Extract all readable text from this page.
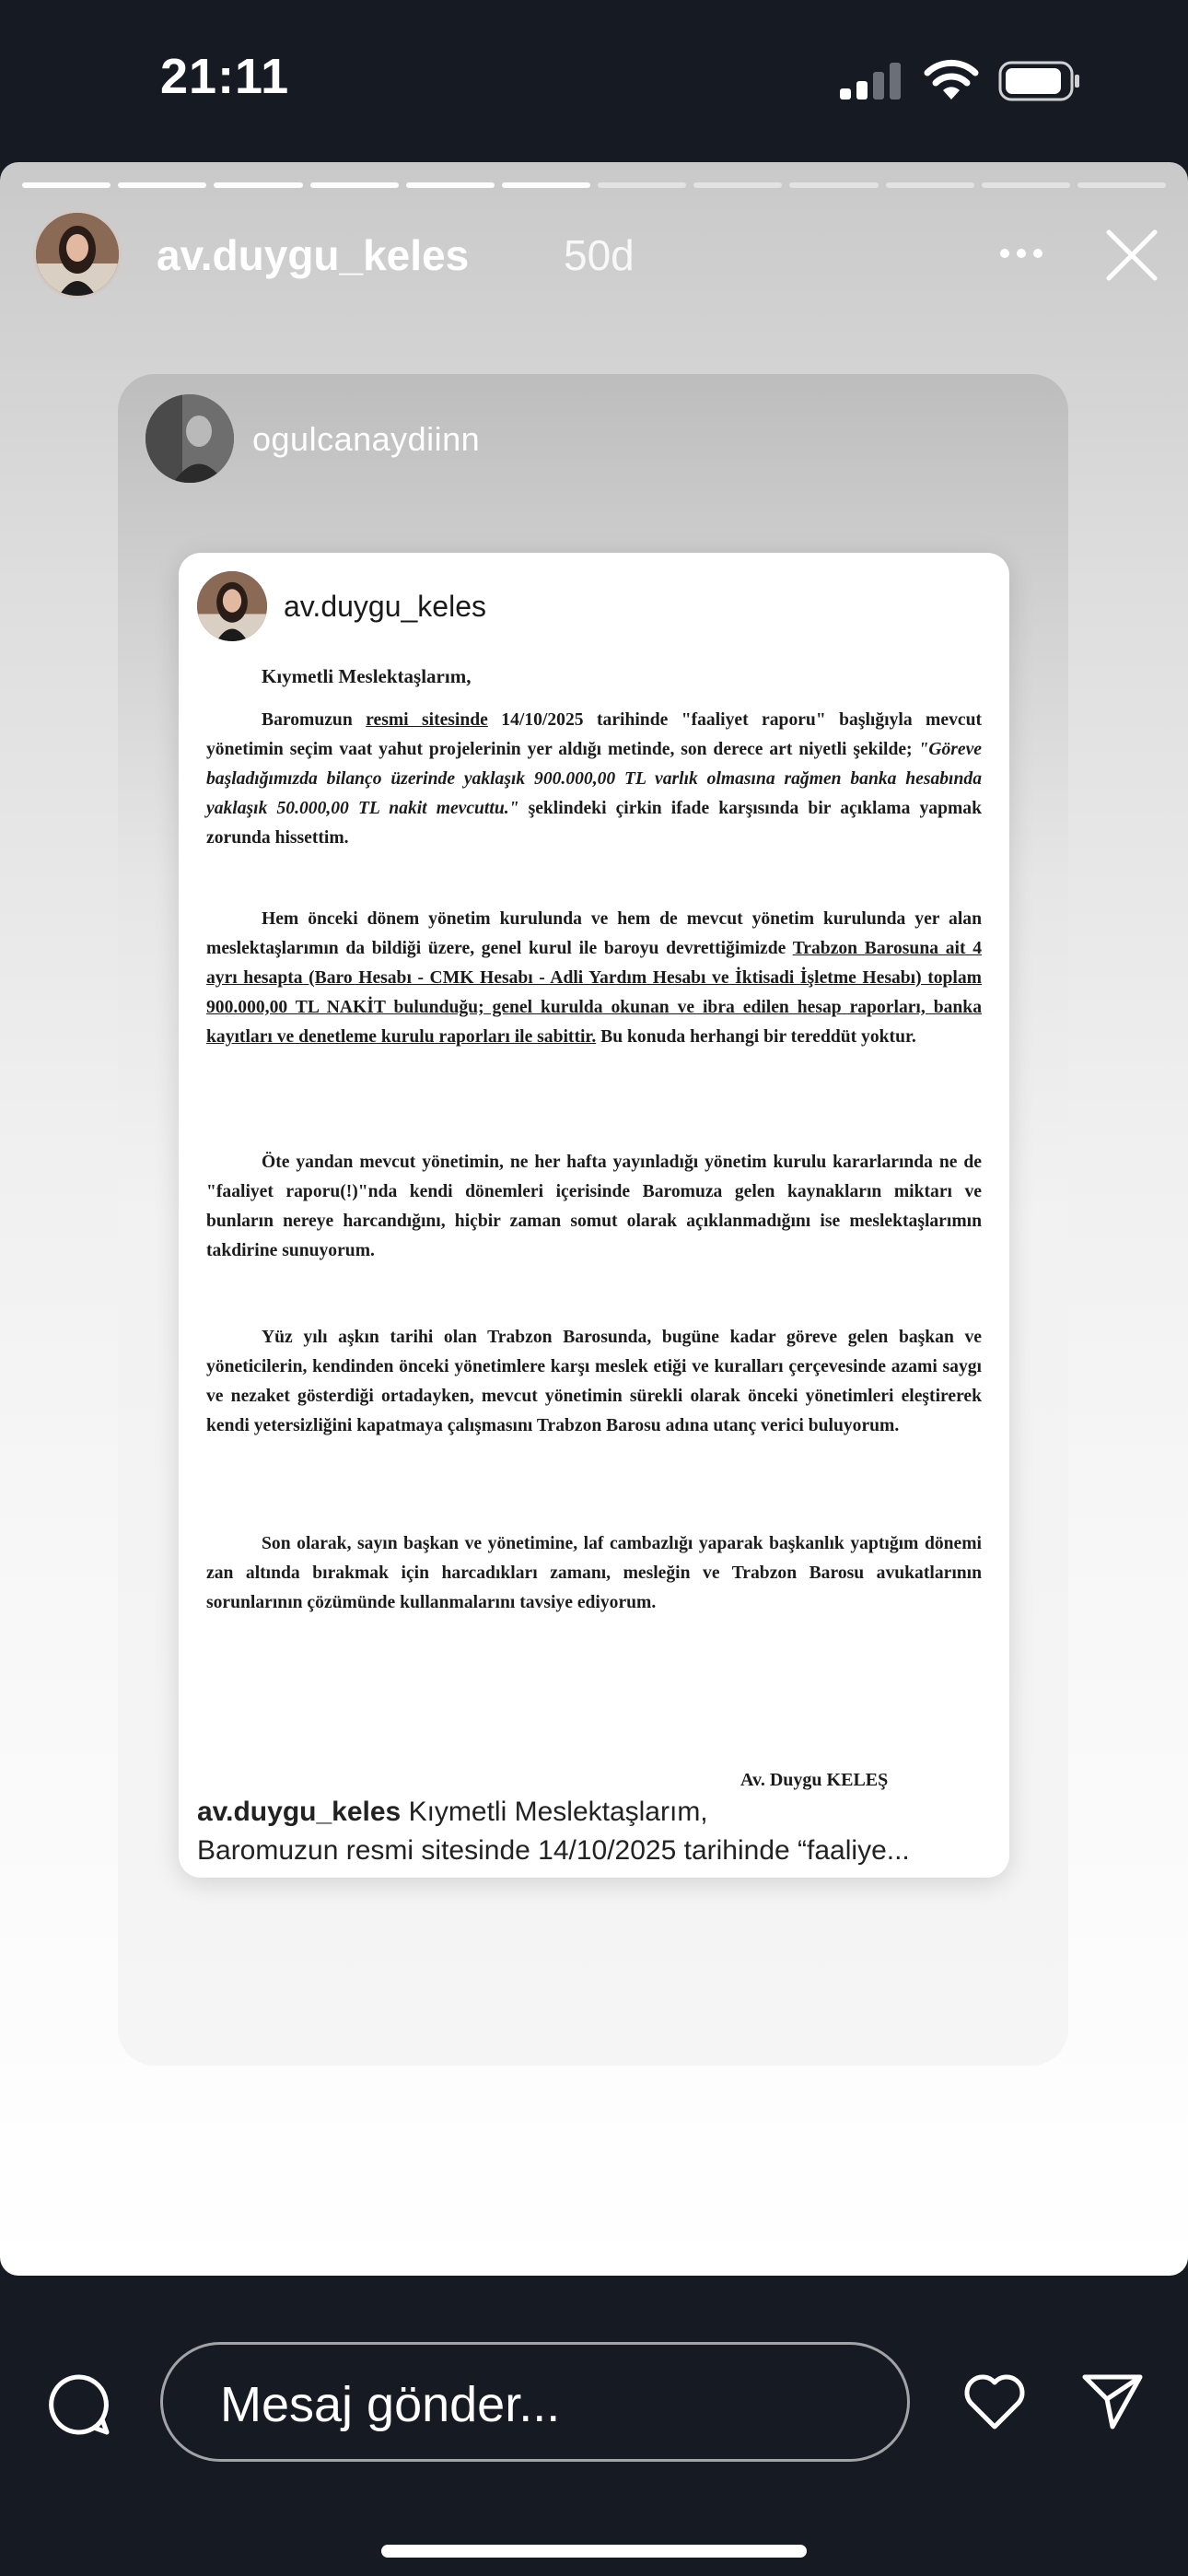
21:11
av.duygu_keles 50d
ogulcanaydiinn
av.duygu_keles
Kıymetli Meslektaşlarım,

Baromuzun resmi sitesinde 14/10/2025 tarihinde "faaliyet raporu" başlığıyla mevcut yönetimin seçim vaat yahut projelerinin yer aldığı metinde, son derece art niyetli şekilde; "Göreve başladığımızda bilanço üzerinde yaklaşık 900.000,00 TL varlık olmasına rağmen banka hesabında yaklaşık 50.000,00 TL nakit mevcuttu." şeklindeki çirkin ifade karşısında bir açıklama yapmak zorunda hissettim.

Hem önceki dönem yönetim kurulunda ve hem de mevcut yönetim kurulunda yer alan meslektaşlarımın da bildiği üzere, genel kurul ile baroyu devrettiğimizde Trabzon Barosuna ait 4 ayrı hesapta (Baro Hesabı - CMK Hesabı - Adli Yardım Hesabı ve İktisadi İşletme Hesabı) toplam 900.000,00 TL NAKİT bulunduğu; genel kurulda okunan ve ibra edilen hesap raporları, banka kayıtları ve denetleme kurulu raporları ile sabittir. Bu konuda herhangi bir tereddüt yoktur.

Öte yandan mevcut yönetimin, ne her hafta yayınladığı yönetim kurulu kararlarında ne de "faaliyet raporu(!)"nda kendi dönemleri içerisinde Baromuza gelen kaynakların miktarı ve bunların nereye harcandığını, hiçbir zaman somut olarak açıklanmadığını ise meslektaşlarımın takdirine sunuyorum.

Yüz yılı aşkın tarihi olan Trabzon Barosunda, bugüne kadar göreve gelen başkan ve yöneticilerin, kendinden önceki yönetimlere karşı meslek etiği ve kuralları çerçevesinde azami saygı ve nezaket gösterdiği ortadayken, mevcut yönetimin sürekli olarak önceki yönetimleri eleştirerek kendi yetersizliğini kapatmaya çalışmasını Trabzon Barosu adına utanç verici buluyorum.

Son olarak, sayın başkan ve yönetimine, laf cambazlığı yaparak başkanlık yaptığım dönemi zan altında bırakmak için harcadıkları zamanı, mesleğin ve Trabzon Barosu avukatlarının sorunlarının çözümünde kullanmalarını tavsiye ediyorum.

Av. Duygu KELEŞ
av.duygu_keles Kıymetli Meslektaşlarım,
Baromuzun resmi sitesinde 14/10/2025 tarihinde “faaliye...
Mesaj gönder...
